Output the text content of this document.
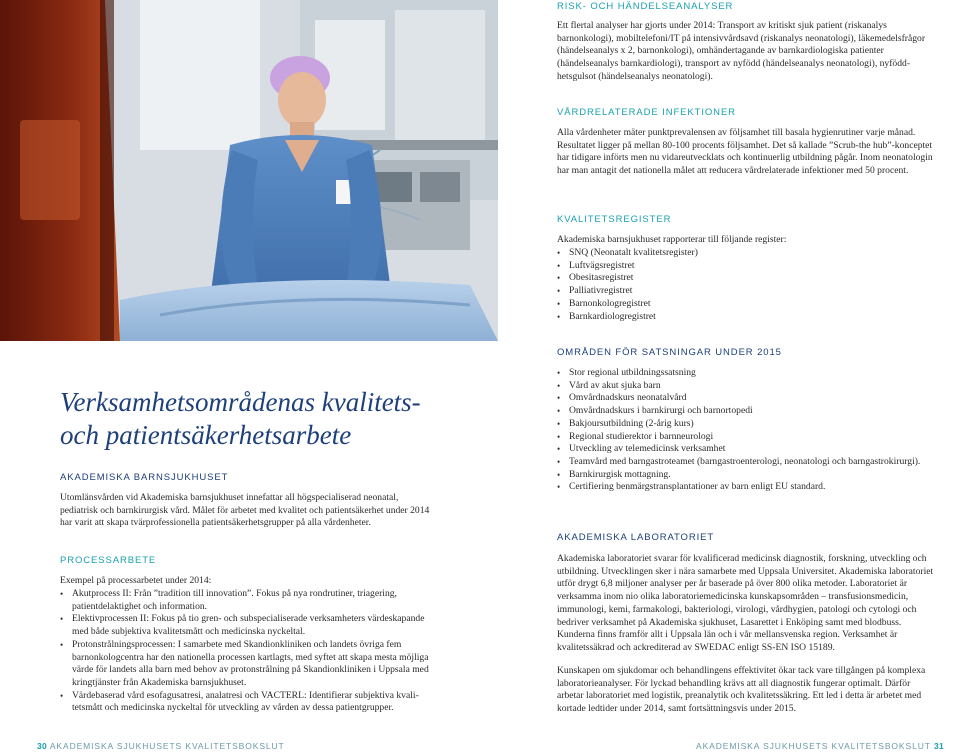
Verksamhetsområdenas kvalitets-
och patientsäkerhetsarbete
AKADEMISKA BARNSJUKHUSET
Utomlänsvården vid Akademiska barnsjukhuset innefattar all högspecialiserad neonatal, pediatrisk och barnkirurgisk vård. Målet för arbetet med kvalitet och patientsäkerhet under 2014 har varit att skapa tvärprofessionella patientsäkerhetsgrupper på alla vårdenheter.
PROCESSARBETE
Exempel på processarbetet under 2014:
• Akutprocess II: Från ”tradition till innovation”. Fokus på nya rondrutiner, triagering, patientdelaktighet och information.
• Elektivprocessen II: Fokus på tio gren- och subspecialiserade verksamheters värdeskapande med både subjektiva kvalitetsmått och medicinska nyckeltal.
• Protonstrålningsprocessen: I samarbete med Skandionkliniken och landets övriga fem barnonkologcentra har den nationella processen kartlagts, med syftet att skapa mesta möjliga värde för landets alla barn med behov av protonstrålning på Skandionkliniken i Uppsala med kringtjänster från Akademiska barnsjukhuset.
• Värdebaserad vård esofagusatresi, analatresi och VACTERL: Identifierar subjektiva kvalitetsmått och medicinska nyckeltal för utveckling av vården av dessa patientgrupper.
RISK- OCH HÄNDELSEANALYSER
Ett flertal analyser har gjorts under 2014: Transport av kritiskt sjuk patient (riskanalys barnonkologi), mobiltelefoni/IT på intensivvårdsavd (riskanalys neonatologi), läkemedelsfrågor (händelseanalys x 2, barnonkologi), omhändertagande av barnkardiologiska patienter (händelseanalys barnkardiologi), transport av nyfödd (händelseanalys neonatologi), nyföddhetsgulsot (händelseanalys neonatologi).
VÅRDRELATERADE INFEKTIONER
Alla vårdenheter mäter punktprevalensen av följsamhet till basala hygienrutiner varje månad. Resultatet ligger på mellan 80-100 procents följsamhet. Det så kallade ”Scrub-the hub”-konceptet har tidigare införts men nu vidareutvecklats och kontinuerlig utbildning pågår. Inom neonatologin har man antagit det nationella målet att reducera vårdrelaterade infektioner med 50 procent.
KVALITETSREGISTER
Akademiska barnsjukhuset rapporterar till följande register:
• SNQ (Neonatalt kvalitetsregister)
• Luftvägsregistret
• Obesitasregistret
• Palliativregistret
• Barnonkologregistret
• Barnkardiologregistret
OMRÅDEN FÖR SATSNINGAR UNDER 2015
• Stor regional utbildningssatsning
• Vård av akut sjuka barn
• Omvårdnadskurs neonatalvård
• Omvårdnadskurs i barnkirurgi och barnortopedi
• Bakjoursutbildning (2-årig kurs)
• Regional studierektor i barnneurologi
• Utveckling av telemedicinsk verksamhet
• Teamvård med barngastroteamet (barngastroenterologi, neonatologi och barngastrokirurgi).
• Barnkirurgisk mottagning.
• Certifiering benmärgstransplantationer av barn enligt EU standard.
AKADEMISKA LABORATORIET
Akademiska laboratoriet svarar för kvalificerad medicinsk diagnostik, forskning, utveckling och utbildning. Utvecklingen sker i nära samarbete med Uppsala Universitet. Akademiska laboratoriet utför drygt 6,8 miljoner analyser per år baserade på över 800 olika metoder. Laboratoriet är verksamma inom nio olika laboratoriemedicinska kunskapsområden – transfusionsmedicin, immunologi, kemi, farmakologi, bakteriologi, virologi, vårdhygien, patologi och cytologi och bedriver verksamhet på Akademiska sjukhuset, Lasarettet i Enköping samt med blodbuss. Kunderna finns framför allt i Uppsala län och i vår mellansvenska region. Verksamhet är kvalitetssäkrad och ackrediterad av SWEDAC enligt SS-EN ISO 15189.
Kunskapen om sjukdomar och behandlingens effektivitet ökar tack vare tillgången på komplexa laboratorieanalyser. För lyckad behandling krävs att all diagnostik fungerar optimalt. Därför arbetar laboratoriet med logistik, preanalytik och kvalitetssäkring. Ett led i detta är arbetet med kortade ledtider under 2014, samt fortsättningsvis under 2015.
30 AKADEMISKA SJUKHUSETS KVALITETSBOKSLUT	AKADEMISKA SJUKHUSETS KVALITETSBOKSLUT 31
